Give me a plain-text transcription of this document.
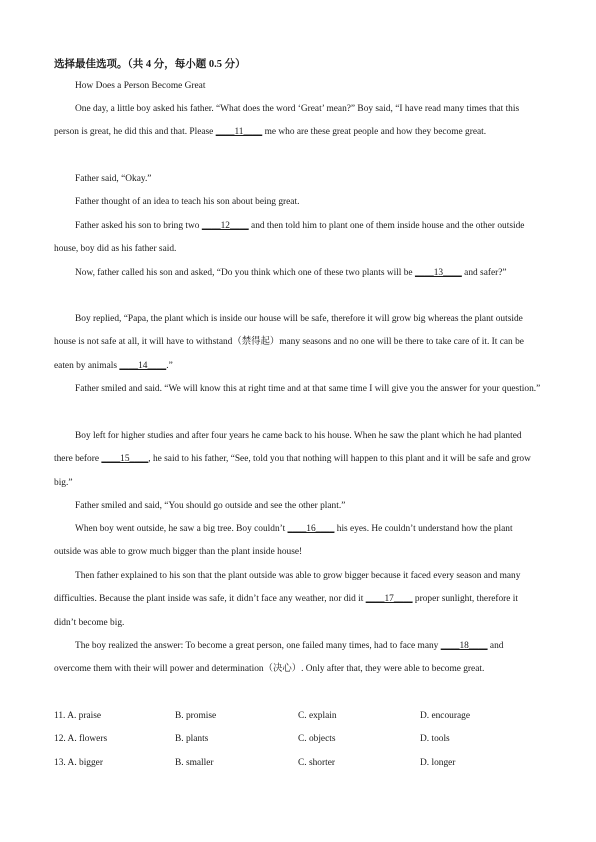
选择最佳选项。（共 4 分，每小题 0.5 分）
How Does a Person Become Great
One day, a little boy asked his father. “What does the word ‘Great’ mean?” Boy said, “I have read many times that this person is great, he did this and that. Please ____11____ me who are these great people and how they become great.
Father said, “Okay.”
Father thought of an idea to teach his son about being great.
Father asked his son to bring two ____12____ and then told him to plant one of them inside house and the other outside house, boy did as his father said.
Now, father called his son and asked, “Do you think which one of these two plants will be ____13____ and safer?”
Boy replied, “Papa, the plant which is inside our house will be safe, therefore it will grow big whereas the plant outside house is not safe at all, it will have to withstand（禁得起）many seasons and no one will be there to take care of it. It can be eaten by animals ____14____.”
Father smiled and said. “We will know this at right time and at that same time I will give you the answer for your question.”
Boy left for higher studies and after four years he came back to his house. When he saw the plant which he had planted there before ____15____, he said to his father, “See, told you that nothing will happen to this plant and it will be safe and grow big.”
Father smiled and said, “You should go outside and see the other plant.”
When boy went outside, he saw a big tree. Boy couldn’t ____16____ his eyes. He couldn’t understand how the plant outside was able to grow much bigger than the plant inside house!
Then father explained to his son that the plant outside was able to grow bigger because it faced every season and many difficulties. Because the plant inside was safe, it didn’t face any weather, nor did it ____17____ proper sunlight, therefore it didn’t become big.
The boy realized the answer: To become a great person, one failed many times, had to face many ____18____ and overcome them with their will power and determination（决心）. Only after that, they were able to become great.
11. A. praise	B. promise	C. explain	D. encourage
12. A. flowers	B. plants	C. objects	D. tools
13. A. bigger	B. smaller	C. shorter	D. longer
